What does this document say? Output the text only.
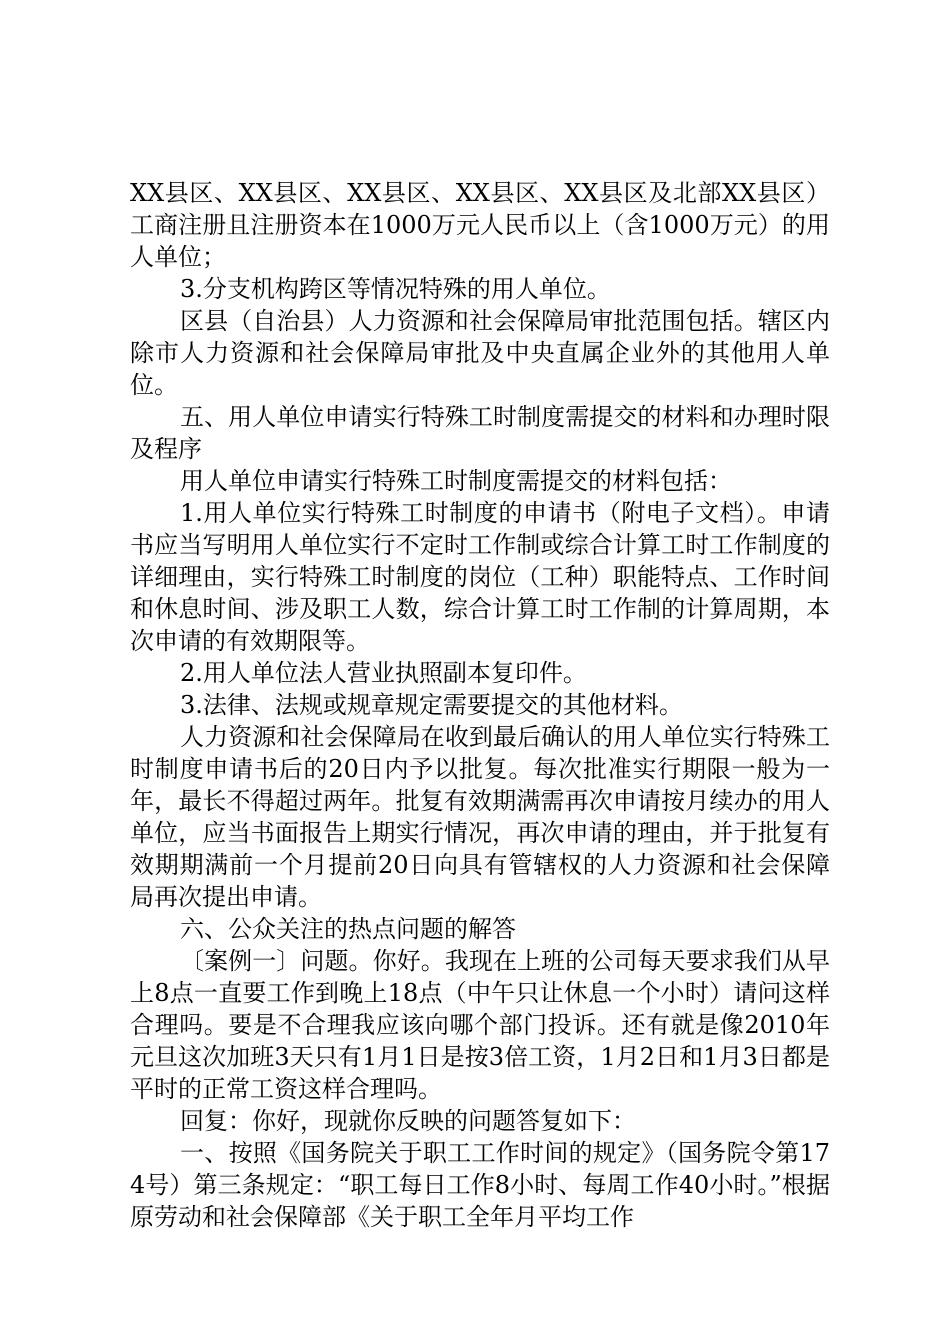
XX县区、XX县区、XX县区、XX县区、XX县区及北部XX县区）工商注册且注册资本在1000万元人民币以上（含1000万元）的用人单位；

3.分支机构跨区等情况特殊的用人单位。

区县（自治县）人力资源和社会保障局审批范围包括。辖区内除市人力资源和社会保障局审批及中央直属企业外的其他用人单位。

五、用人单位申请实行特殊工时制度需提交的材料和办理时限及程序

用人单位申请实行特殊工时制度需提交的材料包括：

1.用人单位实行特殊工时制度的申请书（附电子文档）。申请书应当写明用人单位实行不定时工作制或综合计算工时工作制度的详细理由，实行特殊工时制度的岗位（工种）职能特点、工作时间和休息时间、涉及职工人数，综合计算工时工作制的计算周期，本次申请的有效期限等。

2.用人单位法人营业执照副本复印件。

3.法律、法规或规章规定需要提交的其他材料。

人力资源和社会保障局在收到最后确认的用人单位实行特殊工时制度申请书后的20日内予以批复。每次批准实行期限一般为一年，最长不得超过两年。批复有效期满需再次申请按月续办的用人单位，应当书面报告上期实行情况，再次申请的理由，并于批复有效期期满前一个月提前20日向具有管辖权的人力资源和社会保障局再次提出申请。

六、公众关注的热点问题的解答

〔案例一〕问题。你好。我现在上班的公司每天要求我们从早上8点一直要工作到晚上18点（中午只让休息一个小时）请问这样合理吗。要是不合理我应该向哪个部门投诉。还有就是像2010年元旦这次加班3天只有1月1日是按3倍工资，1月2日和1月3日都是平时的正常工资这样合理吗。

回复：你好，现就你反映的问题答复如下：

一、按照《国务院关于职工工作时间的规定》（国务院令第174号）第三条规定：“职工每日工作8小时、每周工作40小时。”根据原劳动和社会保障部《关于职工全年月平均工作
